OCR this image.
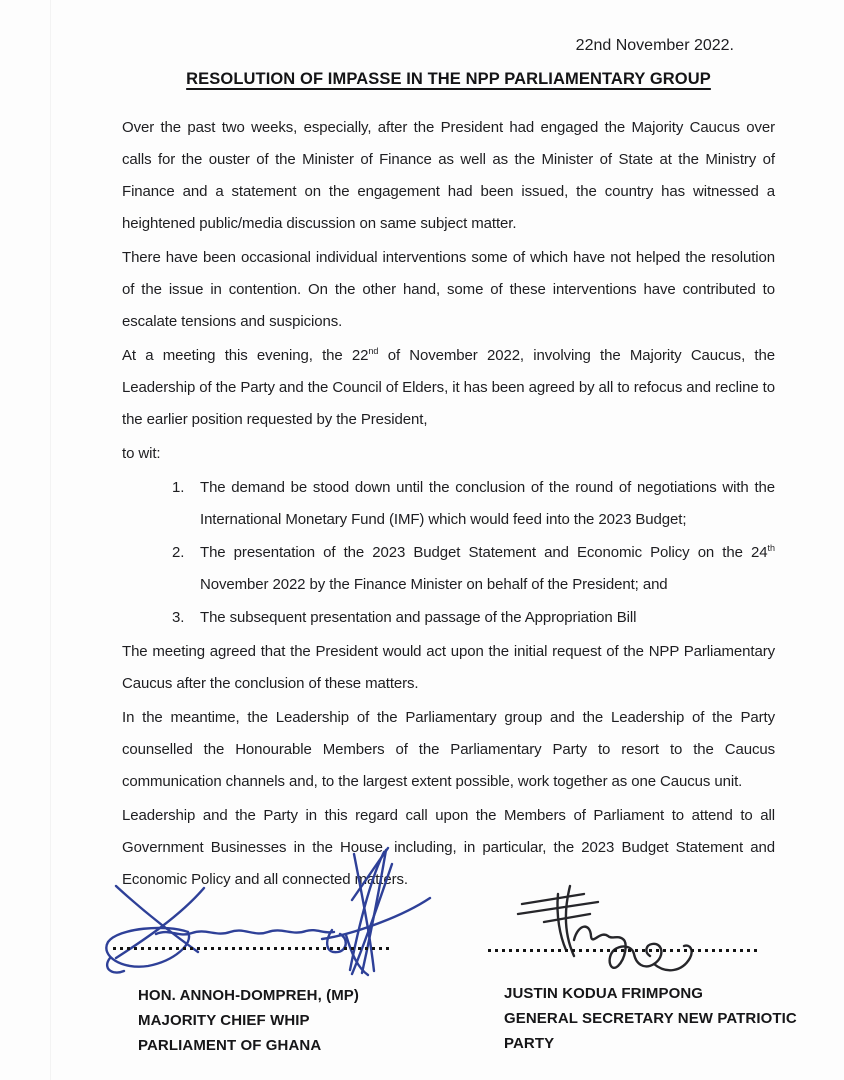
22nd November 2022.
RESOLUTION OF IMPASSE IN THE NPP PARLIAMENTARY GROUP

Over the past two weeks, especially, after the President had engaged the Majority Caucus over calls for the ouster of the Minister of Finance as well as the Minister of State at the Ministry of Finance and a statement on the engagement had been issued, the country has witnessed a heightened public/media discussion on same subject matter.

There have been occasional individual interventions some of which have not helped the resolution of the issue in contention. On the other hand, some of these interventions have contributed to escalate tensions and suspicions.

At a meeting this evening, the 22nd of November 2022, involving the Majority Caucus, the Leadership of the Party and the Council of Elders, it has been agreed by all to refocus and recline to the earlier position requested by the President,

to wit:

1.	The demand be stood down until the conclusion of the round of negotiations with the International Monetary Fund (IMF) which would feed into the 2023 Budget;
2.	The presentation of the 2023 Budget Statement and Economic Policy on the 24th November 2022 by the Finance Minister on behalf of the President; and
3.	The subsequent presentation and passage of the Appropriation Bill

The meeting agreed that the President would act upon the initial request of the NPP Parliamentary Caucus after the conclusion of these matters.

In the meantime, the Leadership of the Parliamentary group and the Leadership of the Party counselled the Honourable Members of the Parliamentary Party to resort to the Caucus communication channels and, to the largest extent possible, work together as one Caucus unit.

Leadership and the Party in this regard call upon the Members of Parliament to attend to all Government Businesses in the House, including, in particular, the 2023 Budget Statement and Economic Policy and all connected matters.

HON. ANNOH-DOMPREH, (MP)
MAJORITY CHIEF WHIP
PARLIAMENT OF GHANA
JUSTIN KODUA FRIMPONG
GENERAL SECRETARY NEW PATRIOTIC
PARTY
